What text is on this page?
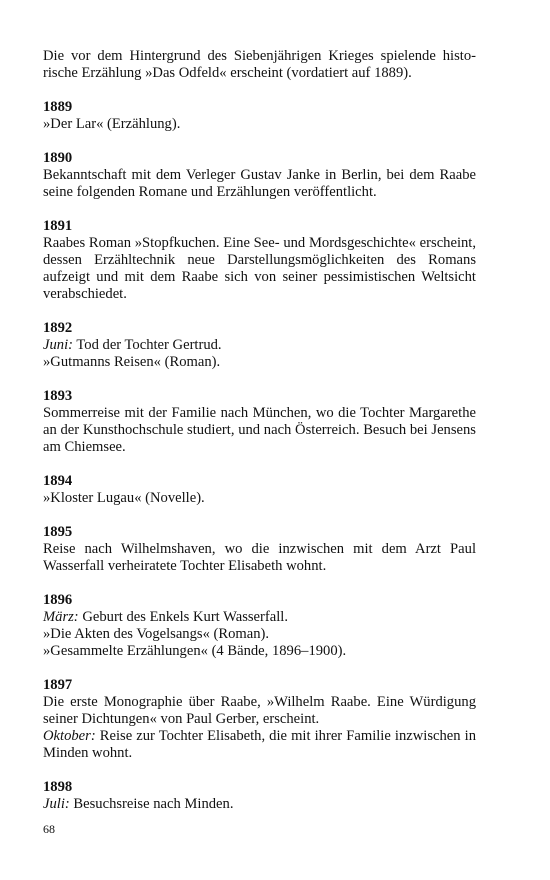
Die vor dem Hintergrund des Siebenjährigen Krieges spielende historische Erzählung »Das Odfeld« erscheint (vordatiert auf 1889).

1889

»Der Lar« (Erzählung).

1890

Bekanntschaft mit dem Verleger Gustav Janke in Berlin, bei dem Raabe seine folgenden Romane und Erzählungen veröffentlicht.

1891

Raabes Roman »Stopfkuchen. Eine See- und Mordsgeschichte« erscheint, dessen Erzähltechnik neue Darstellungsmöglichkeiten des Romans aufzeigt und mit dem Raabe sich von seiner pessimistischen Weltsicht verabschiedet.

1892

Juni: Tod der Tochter Gertrud.

»Gutmanns Reisen« (Roman).

1893

Sommerreise mit der Familie nach München, wo die Tochter Margarethe an der Kunsthochschule studiert, und nach Österreich. Besuch bei Jensens am Chiemsee.

1894

»Kloster Lugau« (Novelle).

1895

Reise nach Wilhelmshaven, wo die inzwischen mit dem Arzt Paul Wasserfall verheiratete Tochter Elisabeth wohnt.

1896

März: Geburt des Enkels Kurt Wasserfall.

»Die Akten des Vogelsangs« (Roman).

»Gesammelte Erzählungen« (4 Bände, 1896–1900).

1897

Die erste Monographie über Raabe, »Wilhelm Raabe. Eine Würdigung seiner Dichtungen« von Paul Gerber, erscheint.

Oktober: Reise zur Tochter Elisabeth, die mit ihrer Familie inzwischen in Minden wohnt.

1898

Juli: Besuchsreise nach Minden.

68
